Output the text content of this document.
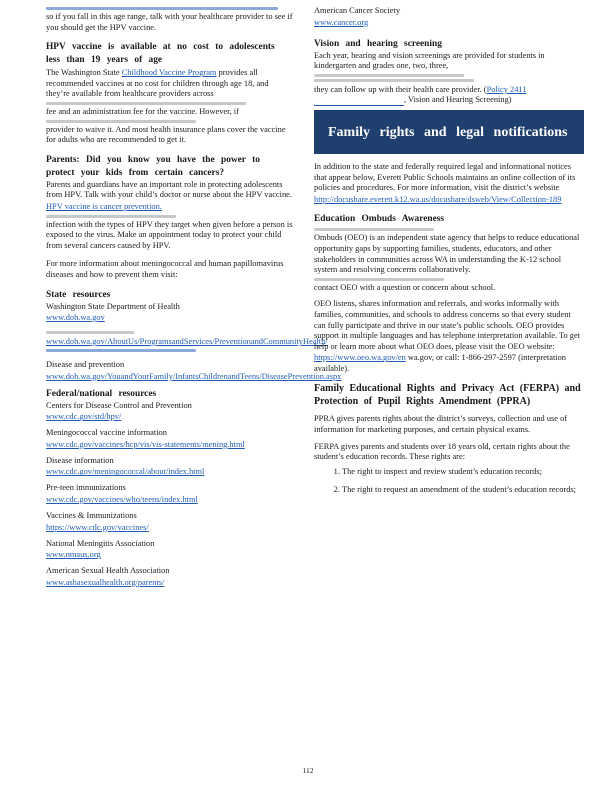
so if you fall in this age range, talk with your healthcare provider to see if you should get the HPV vaccine.

HPV vaccine is available at no cost to adolescents less than 19 years of age

The Washington State Childhood Vaccine Program provides all recommended vaccines at no cost for children through age 18, and they’re available from healthcare providers across

fee and an administration fee for the vaccine. However, if

provider to waive it. And most health insurance plans cover the vaccine for adults who are recommended to get it.

Parents: Did you know you have the power to protect your kids from certain cancers?

Parents and guardians have an important role in protecting adolescents from HPV. Talk with your child’s doctor or nurse about the HPV vaccine. HPV vaccine is cancer prevention.

infection with the types of HPV they target when given before a person is exposed to the virus. Make an appointment today to protect your child from several cancers caused by HPV.

For more information about meningococcal and human papillomavirus diseases and how to prevent them visit:

State resources

Washington State Department of Health

www.doh.wa.gov
www.doh.wa.gov/AboutUs/ProgramsandServices/PreventionandCommunityHealth/

Disease and prevention

www.doh.wa.gov/YouandYourFamily/InfantsChildrenandTeens/DiseasePrevention.aspx

Federal/national resources

Centers for Disease Control and Prevention

www.cdc.gov/std/hpv/

Meningococcal vaccine information

www.cdc.gov/vaccines/hcp/vis/vis-statements/mening.html

Disease information

www.cdc.gov/meningococcal/about/index.html

Pre-teen immunizations

www.cdc.gov/vaccines/who/teens/index.html

Vaccines & Immunizations

https://www.cdc.gov/vaccines/

National Meningitis Association

www.nmaus.org

American Sexual Health Association

www.ashasexualhealth.org/parents/

American Cancer Society

www.cancer.org

Vision and hearing screening

Each year, hearing and vision screenings are provided for students in kindergarten and grades one, two, three,

they can follow up with their health care provider. (Policy 2411 , Vision and Hearing Screening)

Family rights and legal notifications

In addition to the state and federally required legal and informational notices that appear below, Everett Public Schools maintains an online collection of its policies and procedures. For more information, visit the district’s website http://docushare.everett.k12.wa.us/docushare/dsweb/View/Collection-189

Education Ombuds Awareness

Ombuds (OEO) is an independent state agency that helps to reduce educational opportunity gaps by supporting families, students, educators, and other stakeholders in communities across WA in understanding the K-12 school system and resolving concerns collaboratively.

contact OEO with a question or concern about school.

OEO listens, shares information and referrals, and works informally with families, communities, and schools to address concerns so that every student can fully participate and thrive in our state’s public schools. OEO provides support in multiple languages and has telephone interpretation available. To get help or learn more about what OEO does, please visit the OEO website: https://www.oeo.wa.gov/en wa.gov, or call: 1-866-297-2597 (interpretation available).

Family Educational Rights and Privacy Act (FERPA) and Protection of Pupil Rights Amendment (PPRA)

PPRA gives parents rights about the district’s surveys, collection and use of information for marketing purposes, and certain physical exams.

FERPA gives parents and students over 18 years old, certain rights about the student’s education records. These rights are:

1. The right to inspect and review student’s education records;
2. The right to request an amendment of the student’s education records;
112
